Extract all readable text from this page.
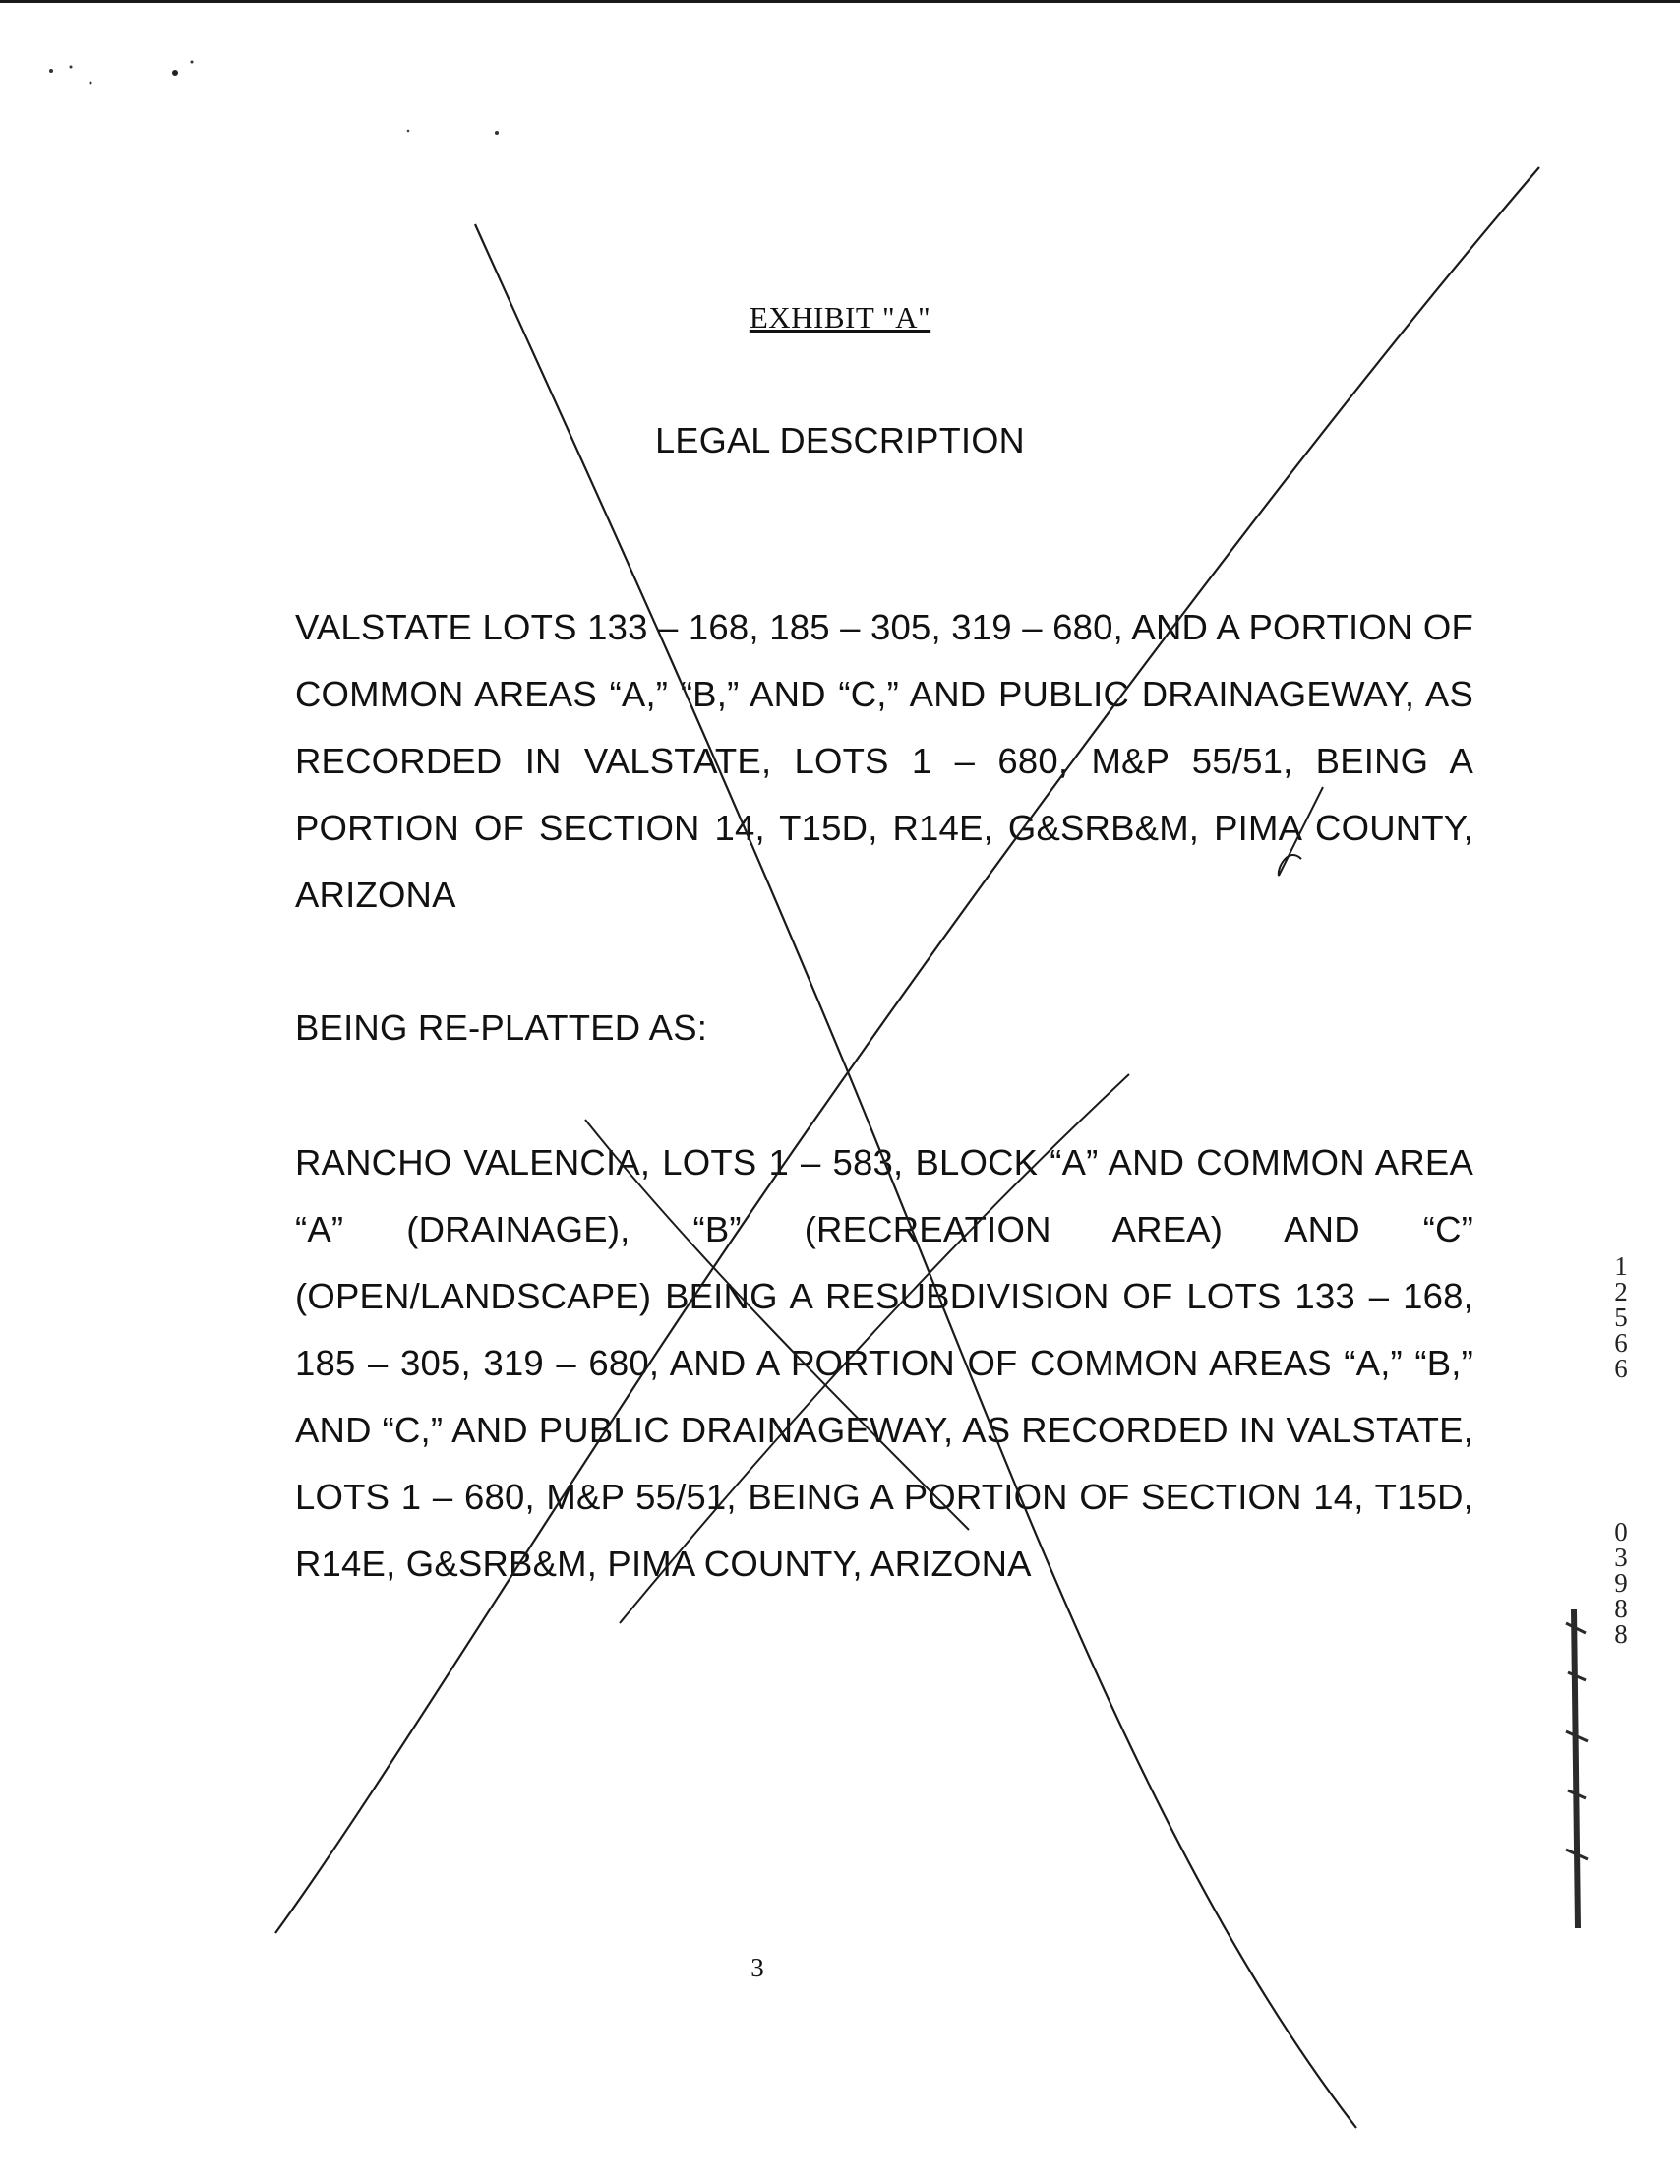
EXHIBIT "A"
LEGAL DESCRIPTION
VALSTATE LOTS 133 – 168, 185 – 305, 319 – 680, AND A PORTION OF COMMON AREAS “A,” “B,” AND “C,” AND PUBLIC DRAINAGEWAY, AS RECORDED IN VALSTATE, LOTS 1 – 680, M&P 55/51, BEING A PORTION OF SECTION 14, T15D, R14E, G&SRB&M, PIMA COUNTY, ARIZONA
BEING RE-PLATTED AS:
RANCHO VALENCIA, LOTS 1 – 583, BLOCK “A” AND COMMON AREA “A” (DRAINAGE), “B” (RECREATION AREA) AND “C” (OPEN/LANDSCAPE) BEING A RESUBDIVISION OF LOTS 133 – 168, 185 – 305, 319 – 680, AND A PORTION OF COMMON AREAS “A,” “B,” AND “C,” AND PUBLIC DRAINAGEWAY, AS RECORDED IN VALSTATE, LOTS 1 – 680, M&P 55/51, BEING A PORTION OF SECTION 14, T15D, R14E, G&SRB&M, PIMA COUNTY, ARIZONA
3

12566

03988
